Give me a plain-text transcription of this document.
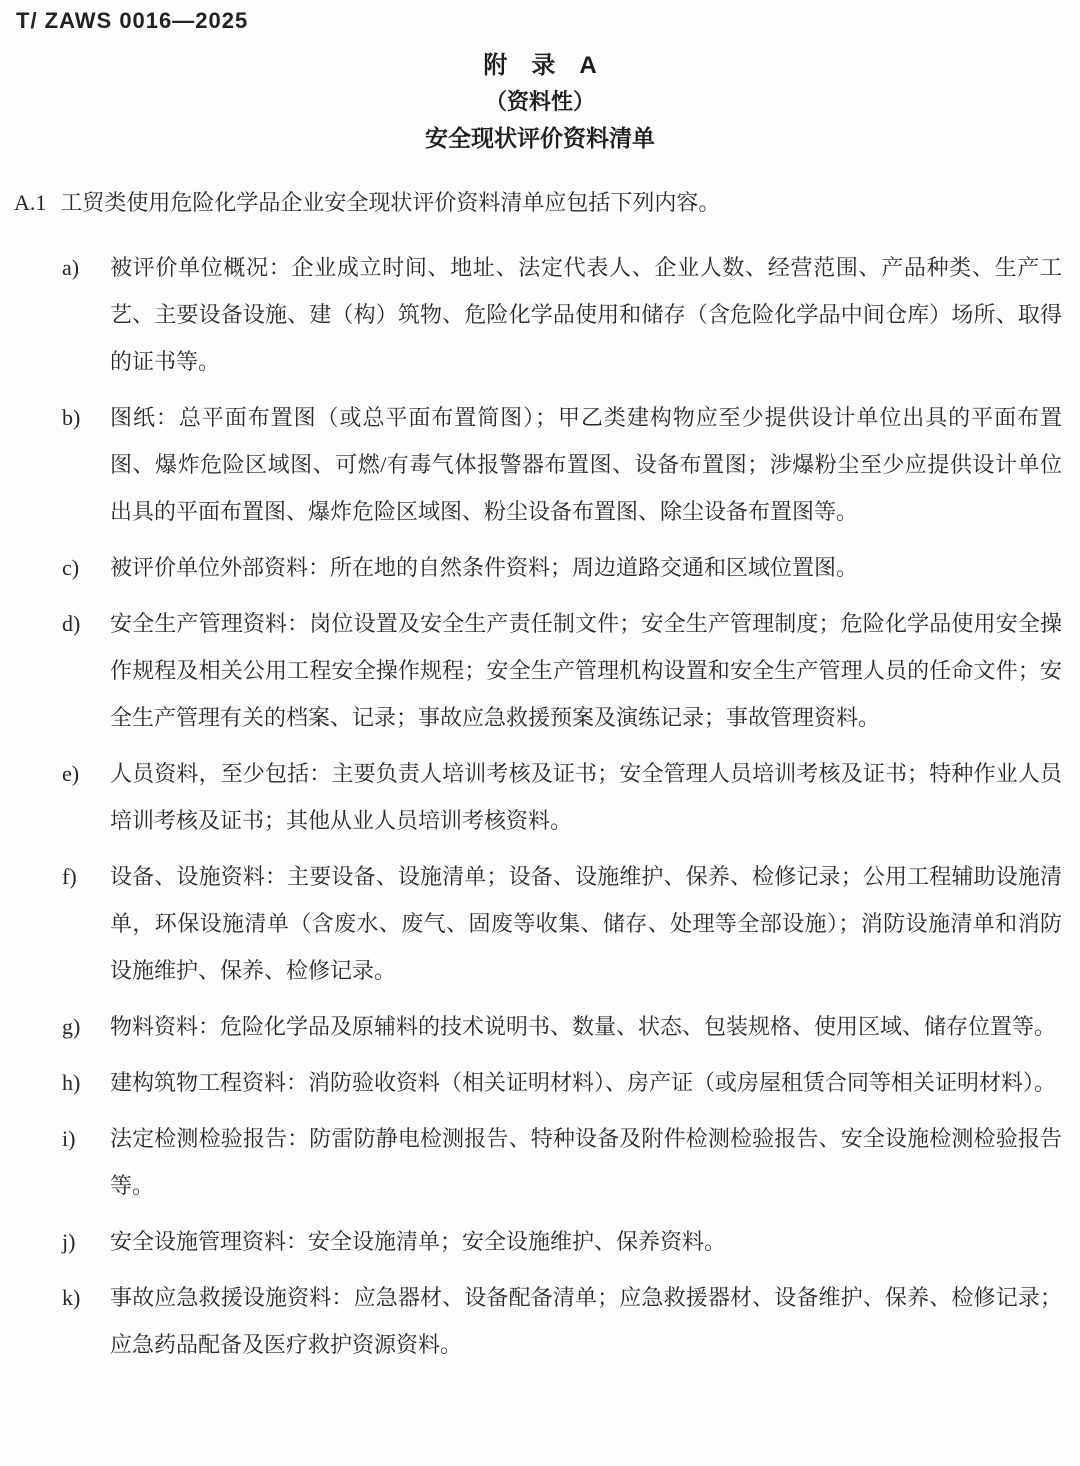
T/ ZAWS 0016—2025
附　录　A
（资料性）
安全现状评价资料清单
A.1 工贸类使用危险化学品企业安全现状评价资料清单应包括下列内容。
a) 被评价单位概况：企业成立时间、地址、法定代表人、企业人数、经营范围、产品种类、生产工艺、主要设备设施、建（构）筑物、危险化学品使用和储存（含危险化学品中间仓库）场所、取得的证书等。
b) 图纸：总平面布置图（或总平面布置简图）；甲乙类建构物应至少提供设计单位出具的平面布置图、爆炸危险区域图、可燃/有毒气体报警器布置图、设备布置图；涉爆粉尘至少应提供设计单位出具的平面布置图、爆炸危险区域图、粉尘设备布置图、除尘设备布置图等。
c) 被评价单位外部资料：所在地的自然条件资料；周边道路交通和区域位置图。
d) 安全生产管理资料：岗位设置及安全生产责任制文件；安全生产管理制度；危险化学品使用安全操作规程及相关公用工程安全操作规程；安全生产管理机构设置和安全生产管理人员的任命文件；安全生产管理有关的档案、记录；事故应急救援预案及演练记录；事故管理资料。
e) 人员资料，至少包括：主要负责人培训考核及证书；安全管理人员培训考核及证书；特种作业人员培训考核及证书；其他从业人员培训考核资料。
f) 设备、设施资料：主要设备、设施清单；设备、设施维护、保养、检修记录；公用工程辅助设施清单，环保设施清单（含废水、废气、固废等收集、储存、处理等全部设施）；消防设施清单和消防设施维护、保养、检修记录。
g) 物料资料：危险化学品及原辅料的技术说明书、数量、状态、包装规格、使用区域、储存位置等。
h) 建构筑物工程资料：消防验收资料（相关证明材料）、房产证（或房屋租赁合同等相关证明材料）。
i) 法定检测检验报告：防雷防静电检测报告、特种设备及附件检测检验报告、安全设施检测检验报告等。
j) 安全设施管理资料：安全设施清单；安全设施维护、保养资料。
k) 事故应急救援设施资料：应急器材、设备配备清单；应急救援器材、设备维护、保养、检修记录；应急药品配备及医疗救护资源资料。
